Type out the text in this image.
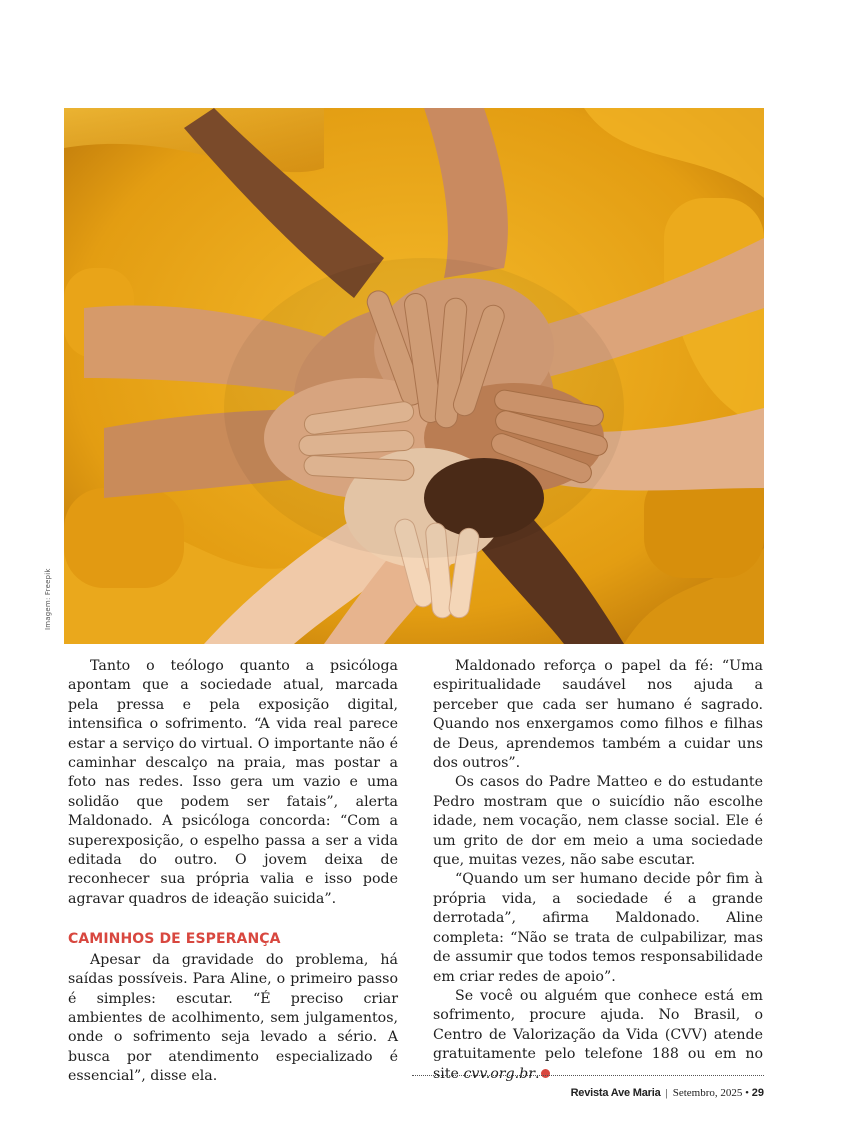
Imagem: Freepik

Tanto o teólogo quanto a psicóloga apontam que a sociedade atual, marcada pela pressa e pela exposição digital, intensifica o sofrimento. “A vida real parece estar a serviço do virtual. O importante não é caminhar descalço na praia, mas postar a foto nas redes. Isso gera um vazio e uma solidão que podem ser fatais”, alerta Maldonado. A psicóloga concorda: “Com a superexposição, o espelho passa a ser a vida editada do outro. O jovem deixa de reconhecer sua própria valia e isso pode agravar quadros de ideação suicida”.

CAMINHOS DE ESPERANÇA

Apesar da gravidade do problema, há saídas possíveis. Para Aline, o primeiro passo é simples: escutar. “É preciso criar ambientes de acolhimento, sem julgamentos, onde o sofrimento seja levado a sério. A busca por atendimento especializado é essencial”, disse ela.

Maldonado reforça o papel da fé: “Uma espiritualidade saudável nos ajuda a perceber que cada ser humano é sagrado. Quando nos enxergamos como filhos e filhas de Deus, aprendemos também a cuidar uns dos outros”.

Os casos do Padre Matteo e do estudante Pedro mostram que o suicídio não escolhe idade, nem vocação, nem classe social. Ele é um grito de dor em meio a uma sociedade que, muitas vezes, não sabe escutar.

“Quando um ser humano decide pôr fim à própria vida, a sociedade é a grande derrotada”, afirma Maldonado. Aline completa: “Não se trata de culpabilizar, mas de assumir que todos temos responsabilidade em criar redes de apoio”.

Se você ou alguém que conhece está em sofrimento, procure ajuda. No Brasil, o Centro de Valorização da Vida (CVV) atende gratuitamente pelo telefone 188 ou em no site cvv.org.br.

Revista Ave Maria | Setembro, 2025 • 29
